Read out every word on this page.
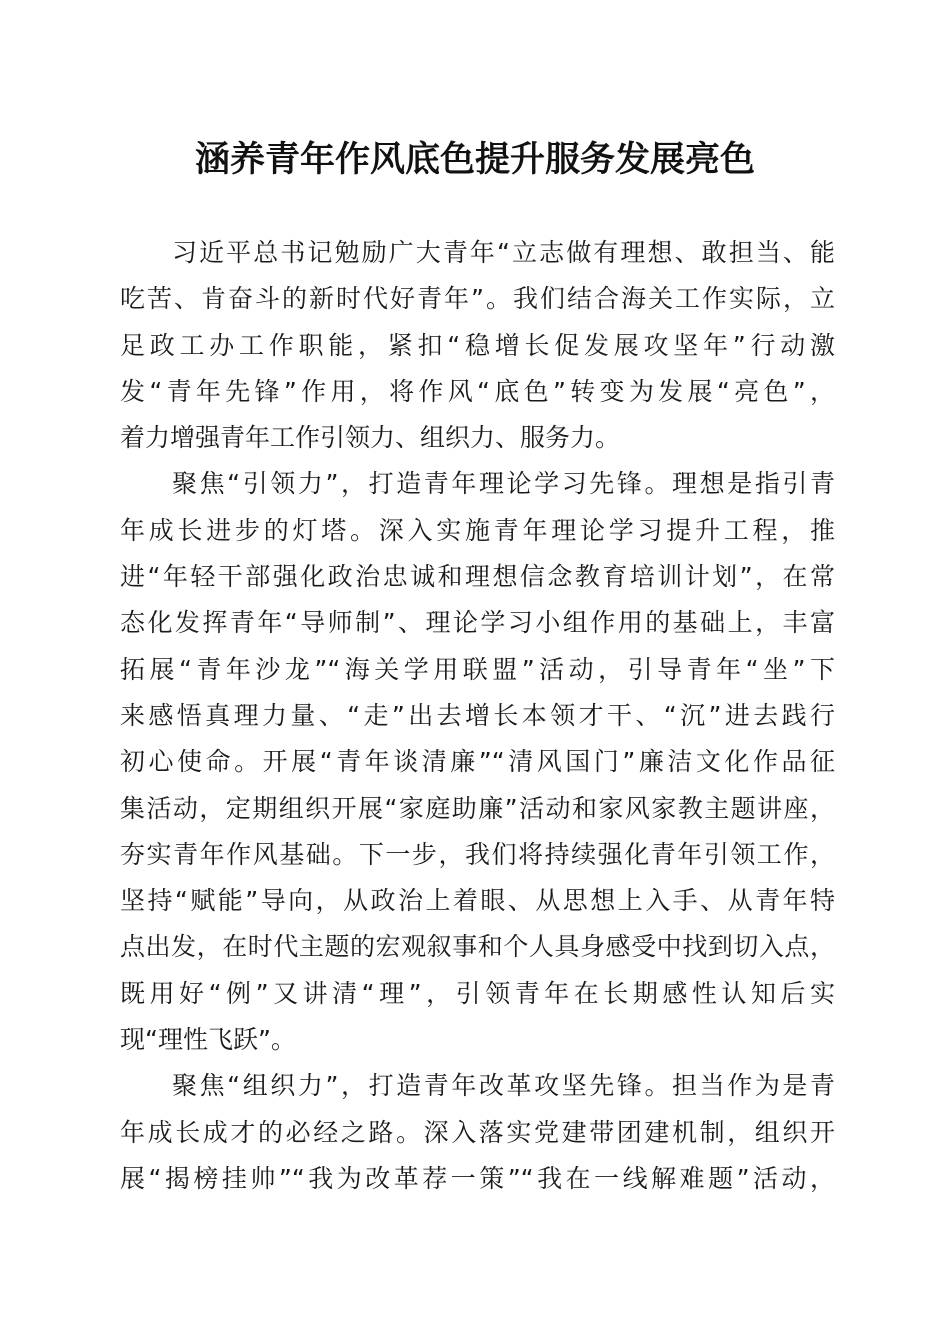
涵养青年作风底色提升服务发展亮色
习近平总书记勉励广大青年“立志做有理想、敢担当、能
吃苦、肯奋斗的新时代好青年”。我们结合海关工作实际，立
足政工办工作职能，紧扣“稳增长促发展攻坚年”行动激
发“青年先锋”作用，将作风“底色”转变为发展“亮色”，
着力增强青年工作引领力、组织力、服务力。
聚焦“引领力”，打造青年理论学习先锋。理想是指引青
年成长进步的灯塔。深入实施青年理论学习提升工程，推
进“年轻干部强化政治忠诚和理想信念教育培训计划”，在常
态化发挥青年“导师制”、理论学习小组作用的基础上，丰富
拓展“青年沙龙”“海关学用联盟”活动，引导青年“坐”下
来感悟真理力量、“走”出去增长本领才干、“沉”进去践行
初心使命。开展“青年谈清廉”“清风国门”廉洁文化作品征
集活动，定期组织开展“家庭助廉”活动和家风家教主题讲座，
夯实青年作风基础。下一步，我们将持续强化青年引领工作，
坚持“赋能”导向，从政治上着眼、从思想上入手、从青年特
点出发，在时代主题的宏观叙事和个人具身感受中找到切入点，
既用好“例”又讲清“理”，引领青年在长期感性认知后实
现“理性飞跃”。
聚焦“组织力”，打造青年改革攻坚先锋。担当作为是青
年成长成才的必经之路。深入落实党建带团建机制，组织开
展“揭榜挂帅”“我为改革荐一策”“我在一线解难题”活动，
